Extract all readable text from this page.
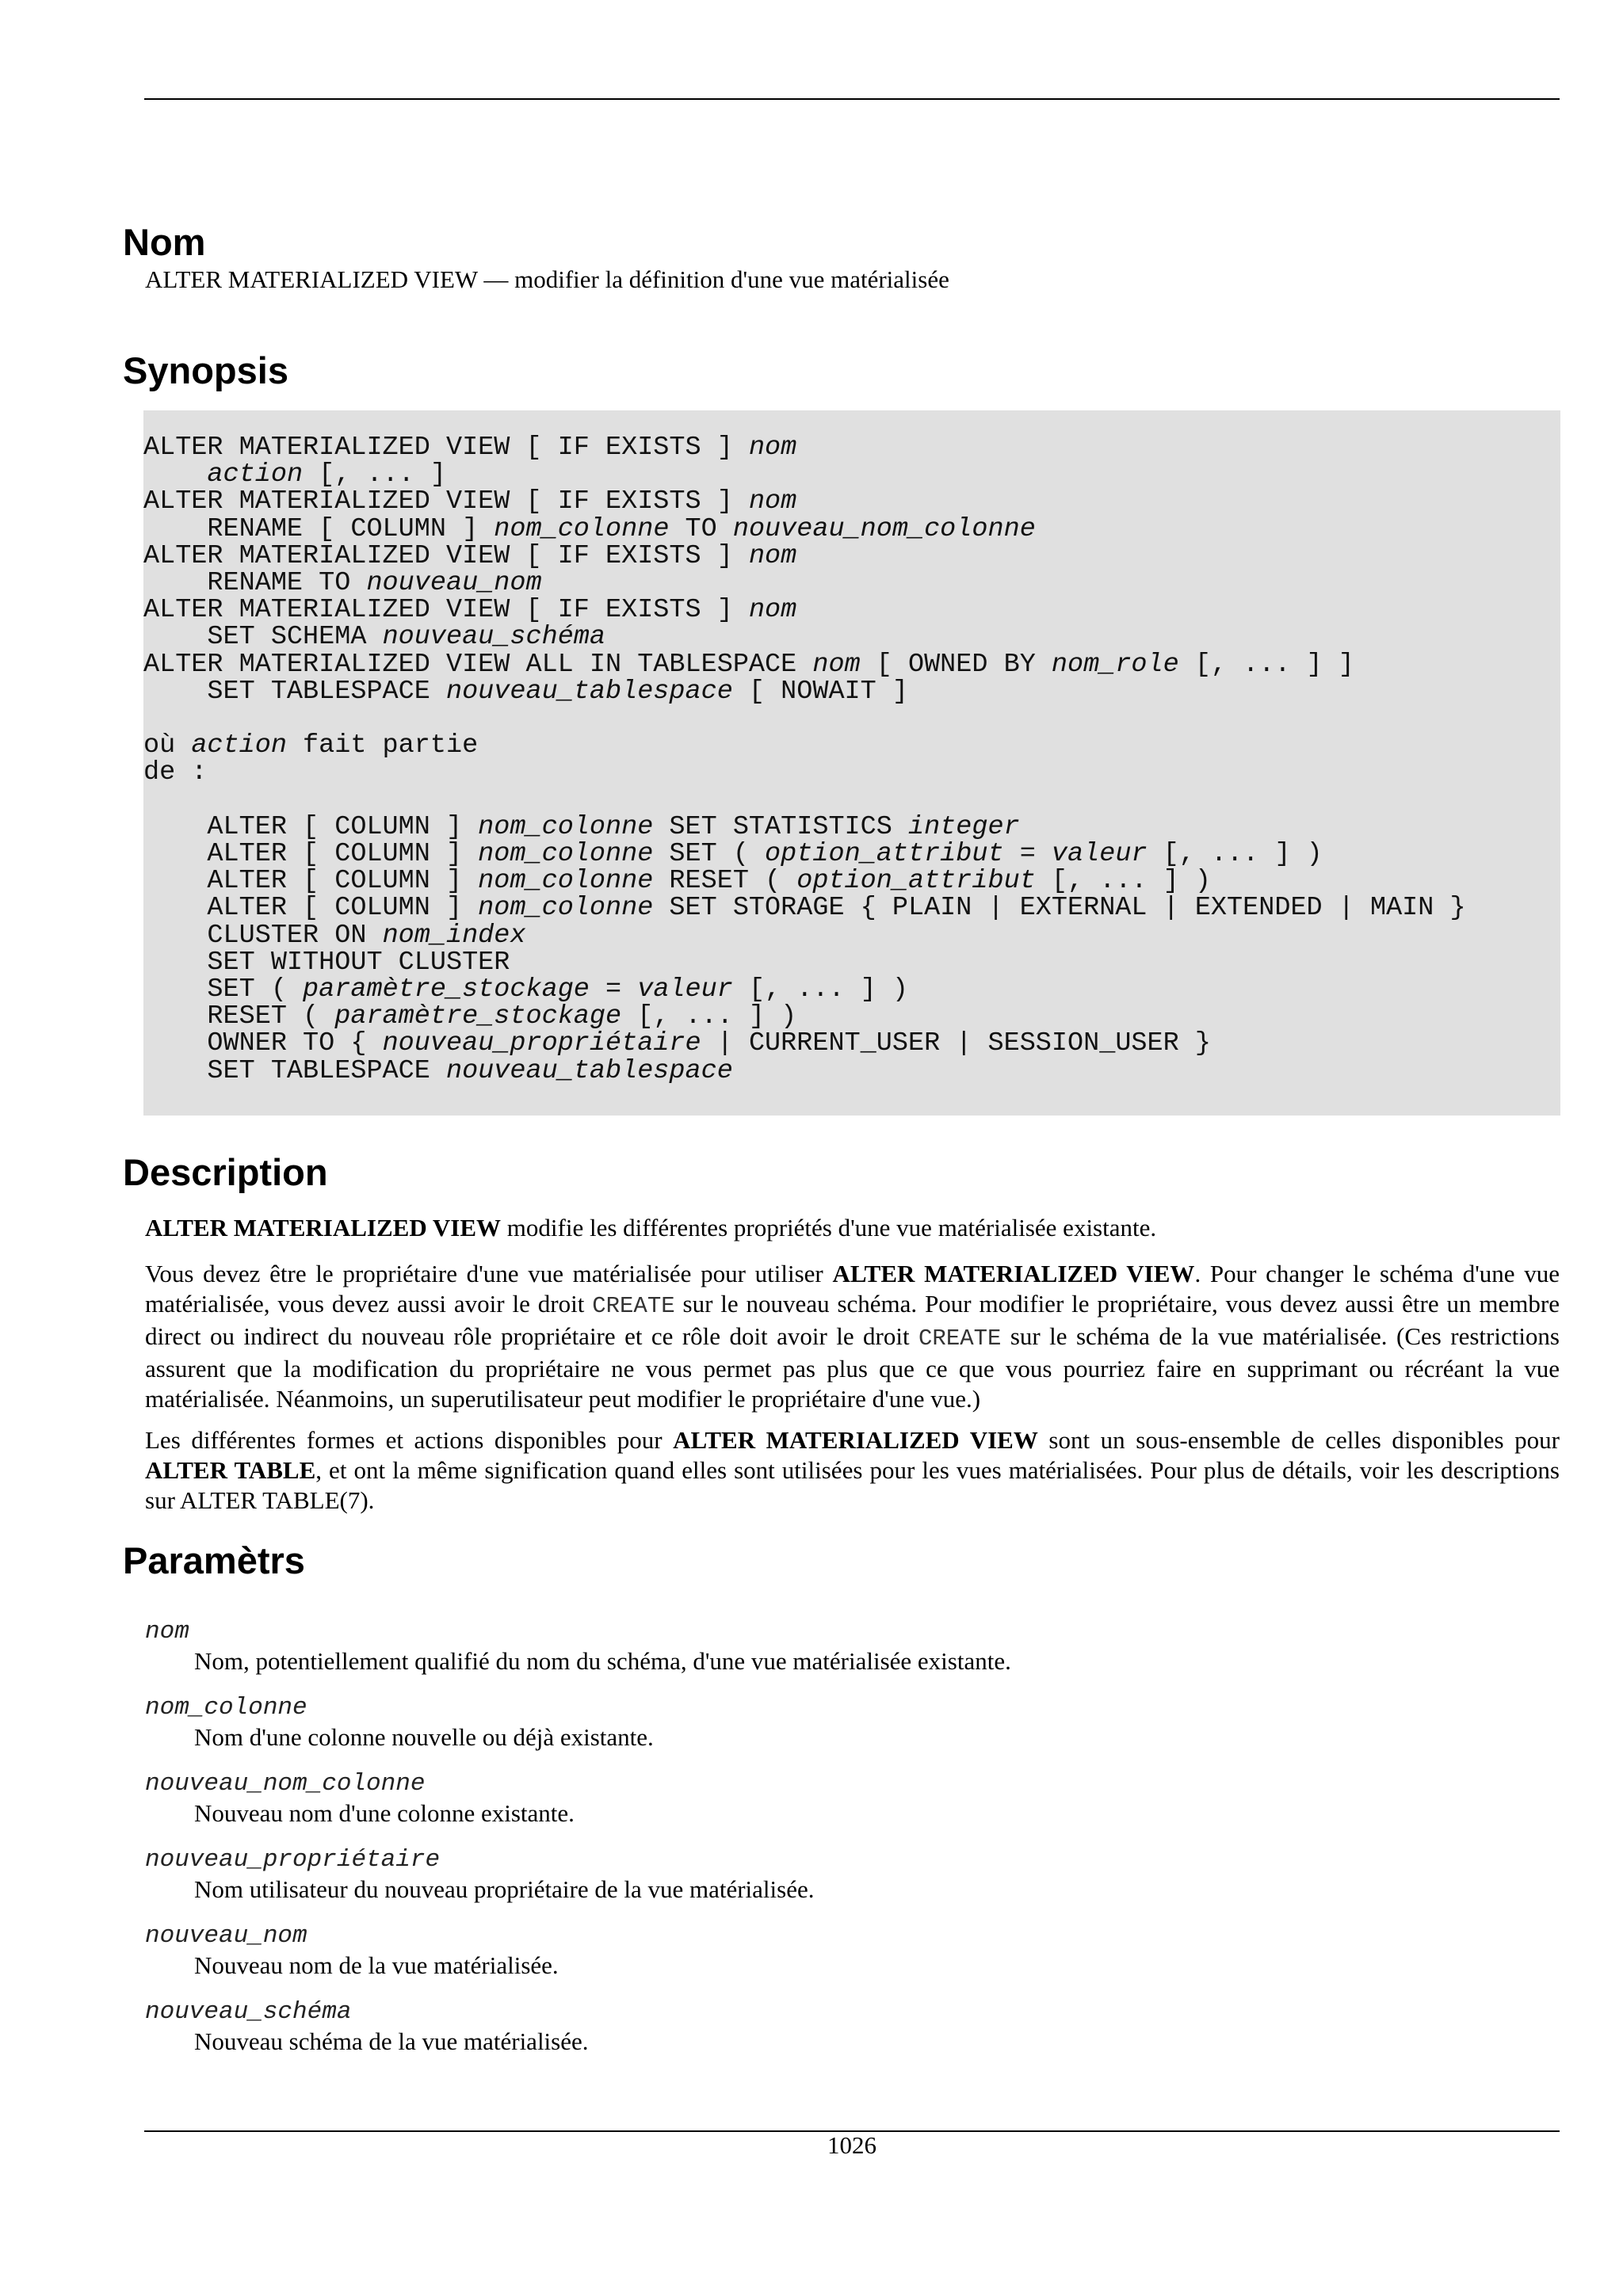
Nom

ALTER MATERIALIZED VIEW — modifier la définition d'une vue matérialisée

Synopsis
ALTER MATERIALIZED VIEW [ IF EXISTS ] nom
action [, ... ]
ALTER MATERIALIZED VIEW [ IF EXISTS ] nom
RENAME [ COLUMN ] nom_colonne TO nouveau_nom_colonne
ALTER MATERIALIZED VIEW [ IF EXISTS ] nom
RENAME TO nouveau_nom
ALTER MATERIALIZED VIEW [ IF EXISTS ] nom
SET SCHEMA nouveau_schéma
ALTER MATERIALIZED VIEW ALL IN TABLESPACE nom [ OWNED BY nom_role [, ... ] ]
SET TABLESPACE nouveau_tablespace [ NOWAIT ]

où action fait partie
de :

ALTER [ COLUMN ] nom_colonne SET STATISTICS integer
ALTER [ COLUMN ] nom_colonne SET ( option_attribut = valeur [, ... ] )
ALTER [ COLUMN ] nom_colonne RESET ( option_attribut [, ... ] )
ALTER [ COLUMN ] nom_colonne SET STORAGE { PLAIN | EXTERNAL | EXTENDED | MAIN }
CLUSTER ON nom_index
SET WITHOUT CLUSTER
SET ( paramètre_stockage = valeur [, ... ] )
RESET ( paramètre_stockage [, ... ] )
OWNER TO { nouveau_propriétaire | CURRENT_USER | SESSION_USER }
SET TABLESPACE nouveau_tablespace
Description

ALTER MATERIALIZED VIEW modifie les différentes propriétés d'une vue matérialisée existante.

Vous devez être le propriétaire d'une vue matérialisée pour utiliser ALTER MATERIALIZED VIEW. Pour changer le schéma d'une vue matérialisée, vous devez aussi avoir le droit CREATE sur le nouveau schéma. Pour modifier le propriétaire, vous devez aussi être un membre direct ou indirect du nouveau rôle propriétaire et ce rôle doit avoir le droit CREATE sur le schéma de la vue matérialisée. (Ces restrictions assurent que la modification du propriétaire ne vous permet pas plus que ce que vous pourriez faire en supprimant ou récréant la vue matérialisée. Néanmoins, un superutilisateur peut modifier le propriétaire d'une vue.)

Les différentes formes et actions disponibles pour ALTER MATERIALIZED VIEW sont un sous-ensemble de celles disponibles pour ALTER TABLE, et ont la même signification quand elles sont utilisées pour les vues matérialisées. Pour plus de détails, voir les descriptions sur ALTER TABLE(7).

Paramètrs
nom
Nom, potentiellement qualifié du nom du schéma, d'une vue matérialisée existante.
nom_colonne
Nom d'une colonne nouvelle ou déjà existante.
nouveau_nom_colonne
Nouveau nom d'une colonne existante.
nouveau_propriétaire
Nom utilisateur du nouveau propriétaire de la vue matérialisée.
nouveau_nom
Nouveau nom de la vue matérialisée.
nouveau_schéma
Nouveau schéma de la vue matérialisée.
1026
